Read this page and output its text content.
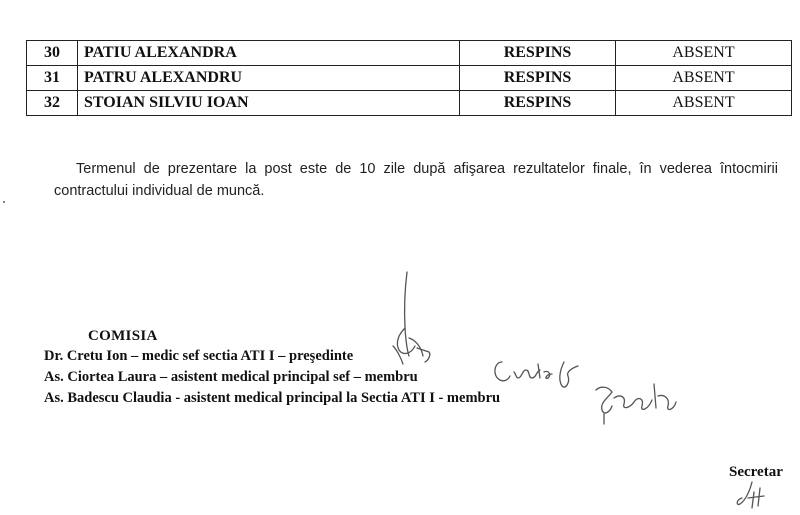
30	PATIU ALEXANDRA	RESPINS	ABSENT
31	PATRU ALEXANDRU	RESPINS	ABSENT
32	STOIAN SILVIU IOAN	RESPINS	ABSENT

Termenul de prezentare la post este de 10 zile după afişarea rezultatelor finale, în vederea întocmirii contractului individual de muncă.

COMISIA

Dr. Cretu Ion – medic sef sectia ATI I – preşedinte

As. Ciortea Laura – asistent medical principal sef – membru

As. Badescu Claudia - asistent medical principal la Sectia ATI I - membru

Secretar
